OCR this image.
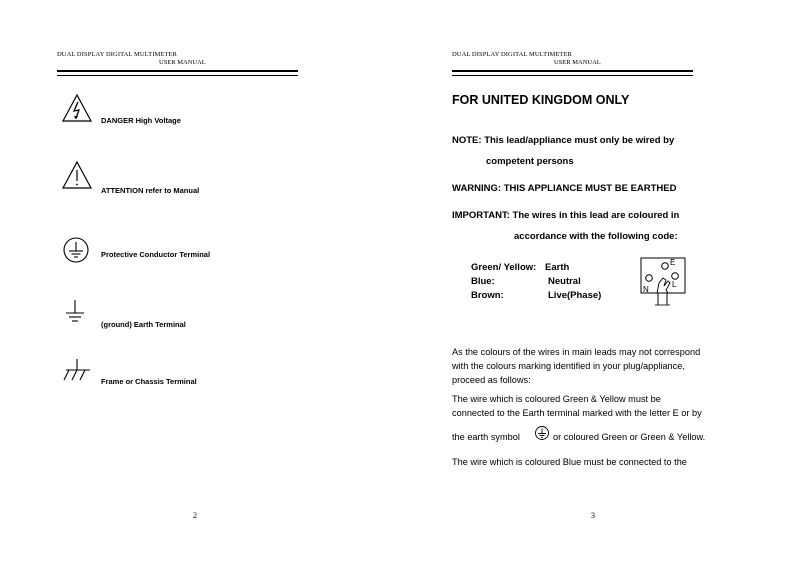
DUAL DISPLAY DIGITAL MULTIMETER
USER MANUAL
DANGER High Voltage
ATTENTION refer to Manual
Protective Conductor Terminal
(ground) Earth Terminal
Frame or Chassis Terminal
2
DUAL DISPLAY DIGITAL MULTIMETER
USER MANUAL
FOR UNITED KINGDOM ONLY
NOTE: This lead/appliance must only be wired by
competent persons
WARNING: THIS APPLIANCE MUST BE EARTHED
IMPORTANT: The wires in this lead are coloured in
accordance with the following code:
Green/ Yellow: Earth
Blue:	Neutral
Brown:	Live(Phase)
E
N
L
As the colours of the wires in main leads may not correspond
with the colours marking identified in your plug/appliance,
proceed as follows:
The wire which is coloured Green & Yellow must be
connected to the Earth terminal marked with the letter E or by
the earth symbol	or coloured Green or Green & Yellow.
The wire which is coloured Blue must be connected to the
3
